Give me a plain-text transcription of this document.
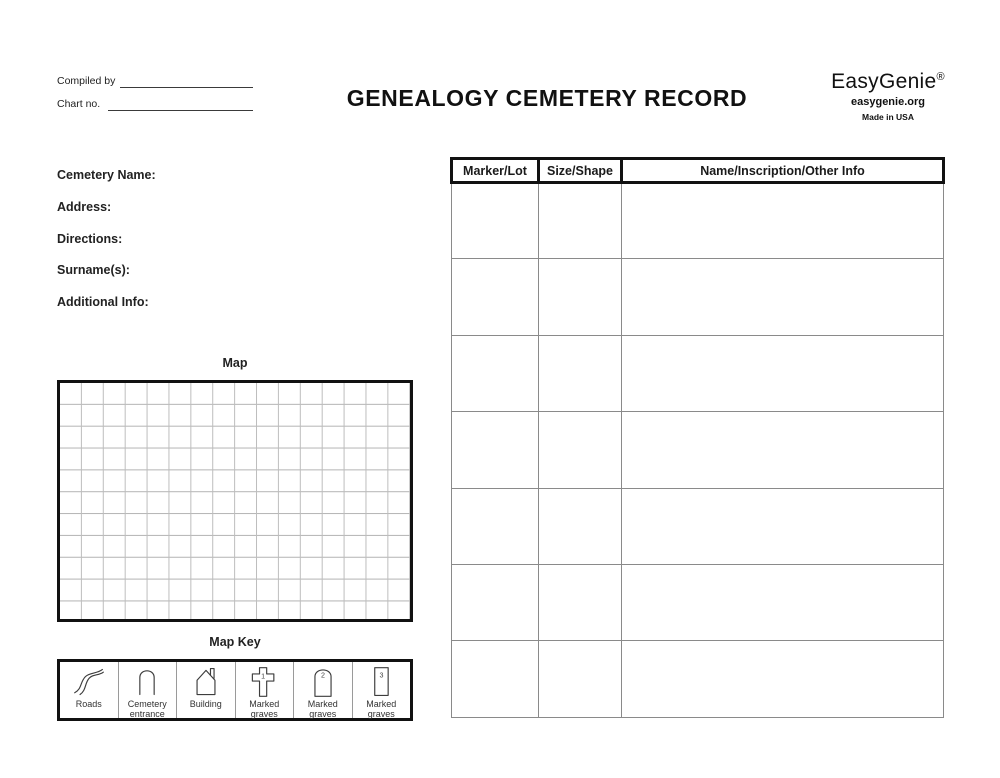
Compiled by
Chart no.	GENEALOGY CEMETERY RECORD
EasyGenie®
easygenie.org
Made in USA
Cemetery Name:
Address:
Directions:
Surname(s):
Additional Info:
Map
Map Key
Roads	Cemetery entrance
Building
1
Marked graves
2
Marked graves
3
Marked graves
Marker/Lot	Size/Shape	Name/Inscription/Other Info
